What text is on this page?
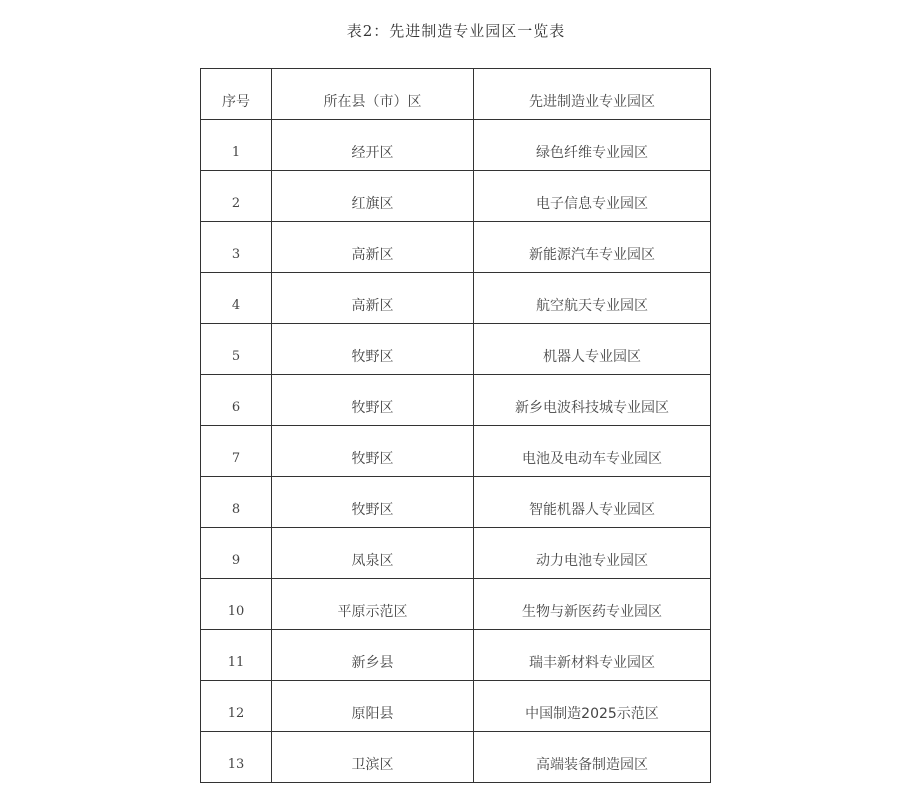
表2：先进制造专业园区一览表
序号	所在县（市）区	先进制造业专业园区

1	经开区	绿色纤维专业园区

2	红旗区	电子信息专业园区

3	高新区	新能源汽车专业园区

4	高新区	航空航天专业园区

5	牧野区	机器人专业园区

6	牧野区	新乡电波科技城专业园区

7	牧野区	电池及电动车专业园区

8	牧野区	智能机器人专业园区

9	凤泉区	动力电池专业园区

10	平原示范区	生物与新医药专业园区

11	新乡县	瑞丰新材料专业园区

12	原阳县	中国制造2025示范区

13	卫滨区	高端装备制造园区
